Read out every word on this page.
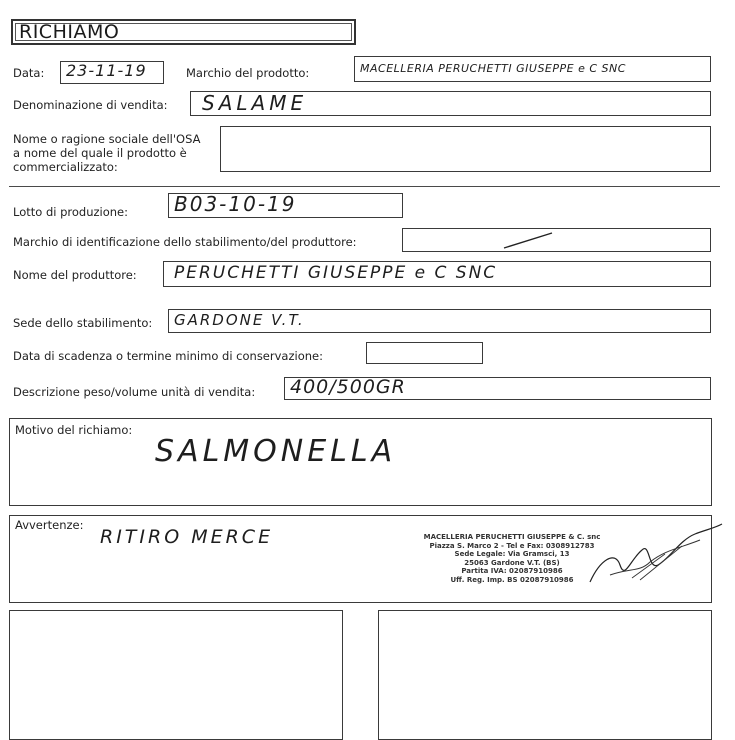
RICHIAMO
Data: 23-11-19	Marchio del prodotto:	MACELLERIA PERUCHETTI GIUSEPPE e C SNC
Denominazione di vendita: SALAME
Nome o ragione sociale dell'OSA
a nome del quale il prodotto è
commercializzato:
Lotto di produzione: B03-10-19
Marchio di identificazione dello stabilimento/del produttore:
Nome del produttore: PERUCHETTI GIUSEPPE e C SNC
Sede dello stabilimento: GARDONE V.T.
Data di scadenza o termine minimo di conservazione:
Descrizione peso/volume unità di vendita: 400/500GR
Motivo del richiamo:
SALMONELLA
Avvertenze:
RITIRO MERCE	MACELLERIA PERUCHETTI GIUSEPPE & C. snc
Piazza S. Marco 2 - Tel e Fax: 0308912783
Sede Legale: Via Gramsci, 13
25063 Gardone V.T. (BS)
Partita IVA: 02087910986
Uff. Reg. Imp. BS 02087910986
